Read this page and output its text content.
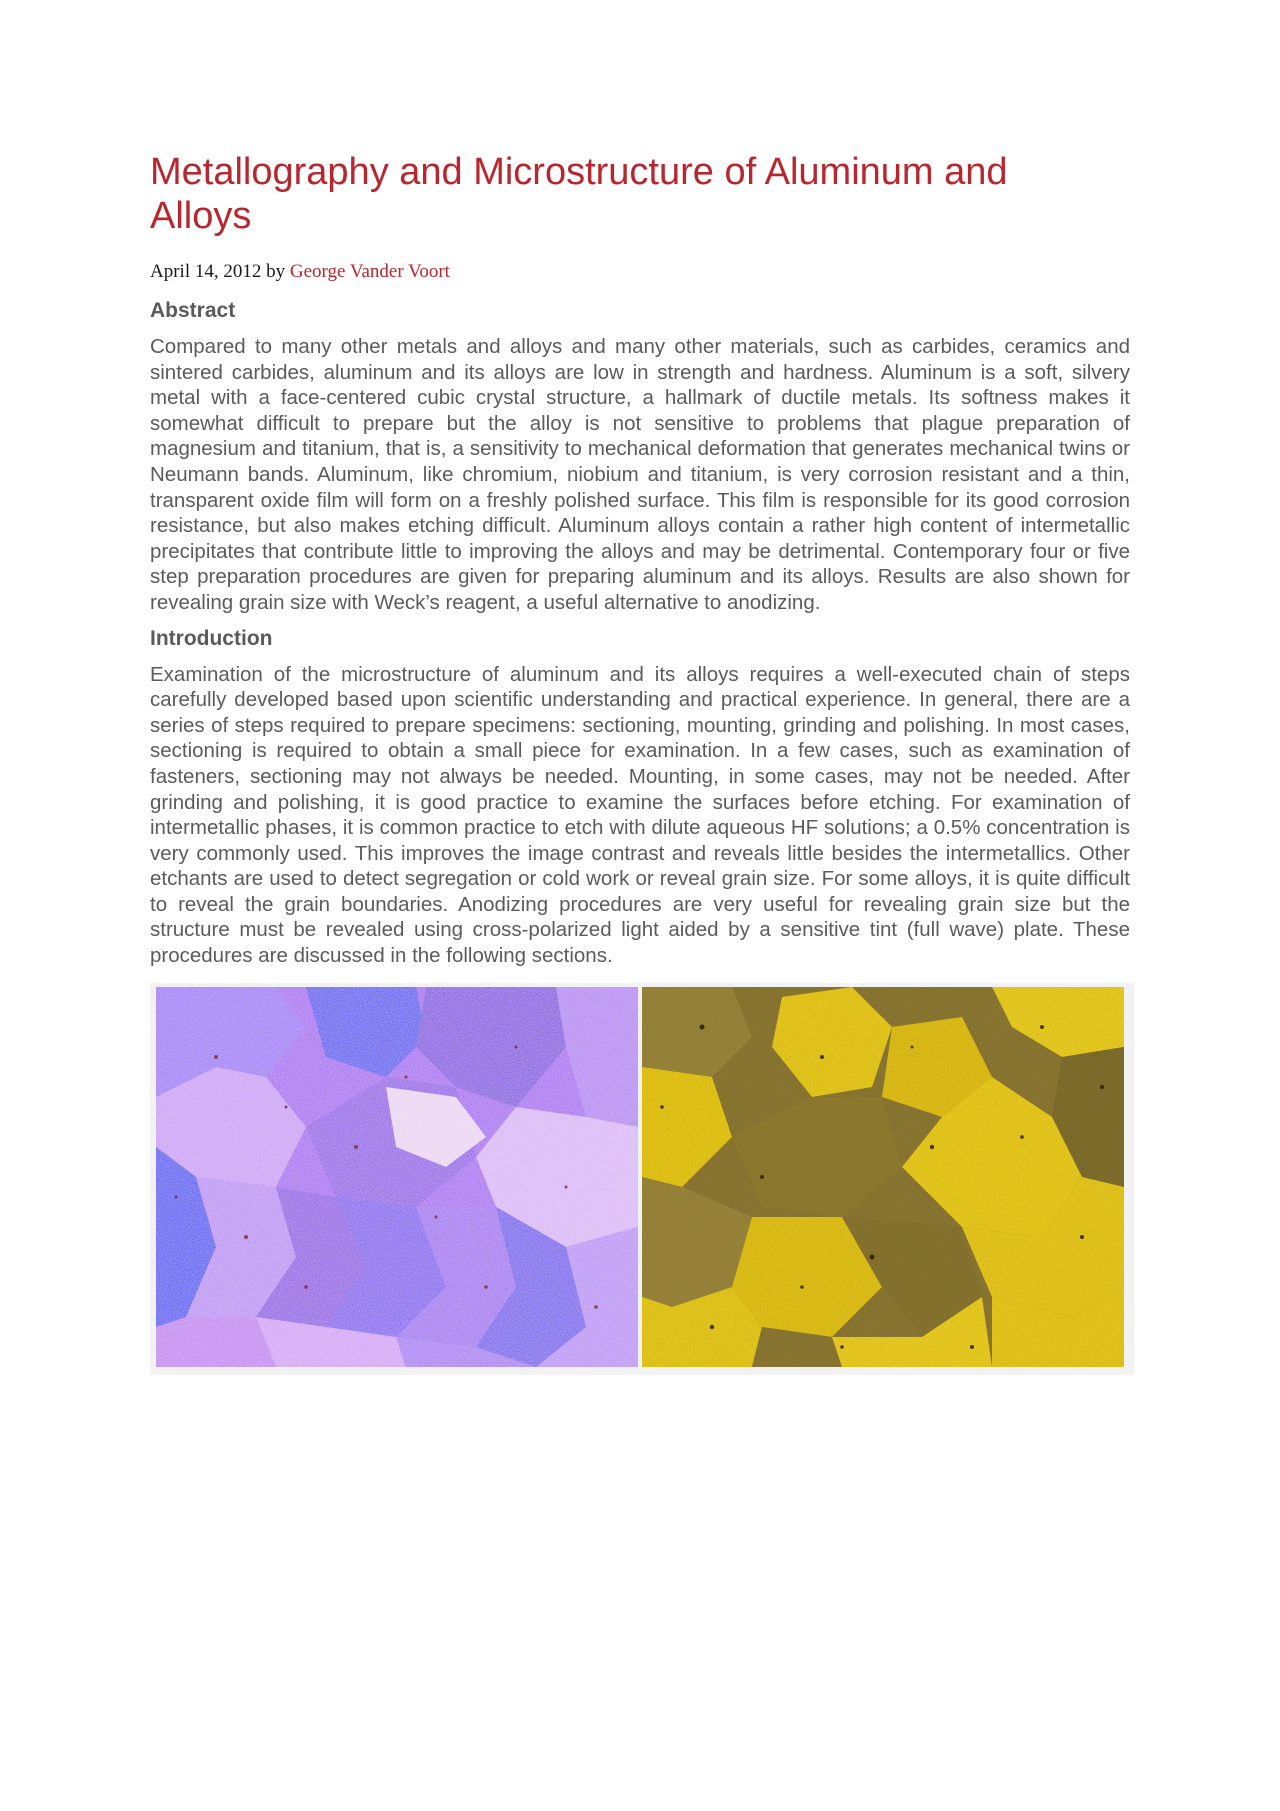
Metallography and Microstructure of Aluminum and Alloys

April 14, 2012 by George Vander Voort

Abstract

Compared to many other metals and alloys and many other materials, such as carbides, ceramics and sintered carbides, aluminum and its alloys are low in strength and hardness. Aluminum is a soft, silvery metal with a face-centered cubic crystal structure, a hallmark of ductile metals. Its softness makes it somewhat difficult to prepare but the alloy is not sensitive to problems that plague preparation of magnesium and titanium, that is, a sensitivity to mechanical deformation that generates mechanical twins or Neumann bands. Aluminum, like chromium, niobium and titanium, is very corrosion resistant and a thin, transparent oxide film will form on a freshly polished surface. This film is responsible for its good corrosion resistance, but also makes etching difficult. Aluminum alloys contain a rather high content of intermetallic precipitates that contribute little to improving the alloys and may be detrimental. Contemporary four or five step preparation procedures are given for preparing aluminum and its alloys. Results are also shown for revealing grain size with Weck’s reagent, a useful alternative to anodizing.

Introduction

Examination of the microstructure of aluminum and its alloys requires a well-executed chain of steps carefully developed based upon scientific understanding and practical experience. In general, there are a series of steps required to prepare specimens: sectioning, mounting, grinding and polishing. In most cases, sectioning is required to obtain a small piece for examination. In a few cases, such as examination of fasteners, sectioning may not always be needed. Mounting, in some cases, may not be needed. After grinding and polishing, it is good practice to examine the surfaces before etching. For examination of intermetallic phases, it is common practice to etch with dilute aqueous HF solutions; a 0.5% concentration is very commonly used. This improves the image contrast and reveals little besides the intermetallics. Other etchants are used to detect segregation or cold work or reveal grain size. For some alloys, it is quite difficult to reveal the grain boundaries. Anodizing procedures are very useful for revealing grain size but the structure must be revealed using cross-polarized light aided by a sensitive tint (full wave) plate. These procedures are discussed in the following sections.
